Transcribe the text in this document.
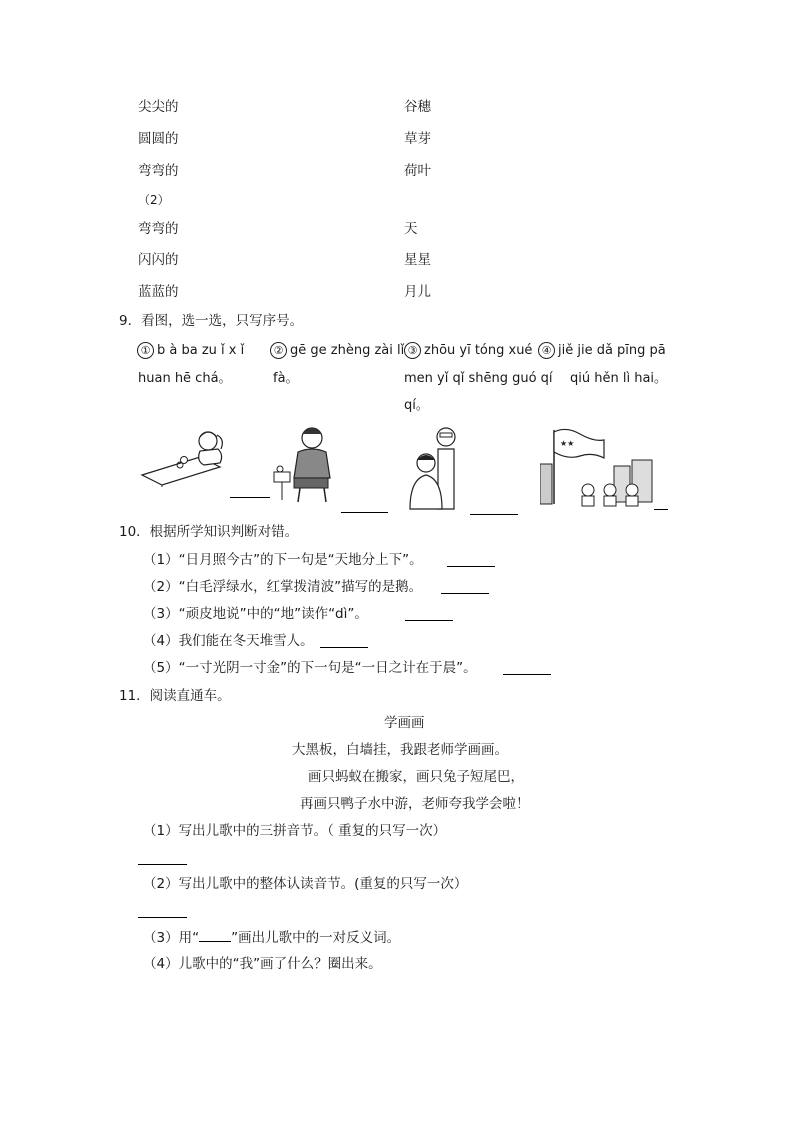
尖尖的	谷穗
圆圆的	草芽
弯弯的	荷叶
（2）
弯弯的	天
闪闪的	星星
蓝蓝的	月儿
9．看图，选一选，只写序号。
① b à ba zu ǐ x ǐ
huan hē chá。
② gē ge zhèng zài lǐ
fà。
③ zhōu yī tóng xué
men yǐ qǐ shēng guó qí
qí。
④ jiě jie dǎ pīng pā
qiú hěn lì hai。
★★
10．根据所学知识判断对错。
（1）“日月照今古”的下一句是“天地分上下”。
（2）“白毛浮绿水，红掌拨清波”描写的是鹅。
（3）“顽皮地说”中的“地”读作“dì”。
（4）我们能在冬天堆雪人。
（5）“一寸光阴一寸金”的下一句是“一日之计在于晨”。
11．阅读直通车。
学画画
大黑板，白墙挂，我跟老师学画画。
画只蚂蚁在搬家，画只兔子短尾巴，
再画只鸭子水中游，老师夸我学会啦！
（1）写出儿歌中的三拼音节。（ 重复的只写一次）
（2）写出儿歌中的整体认读音节。(重复的只写一次）
（3）用“ ”画出儿歌中的一对反义词。
（4）儿歌中的“我”画了什么？圈出来。
